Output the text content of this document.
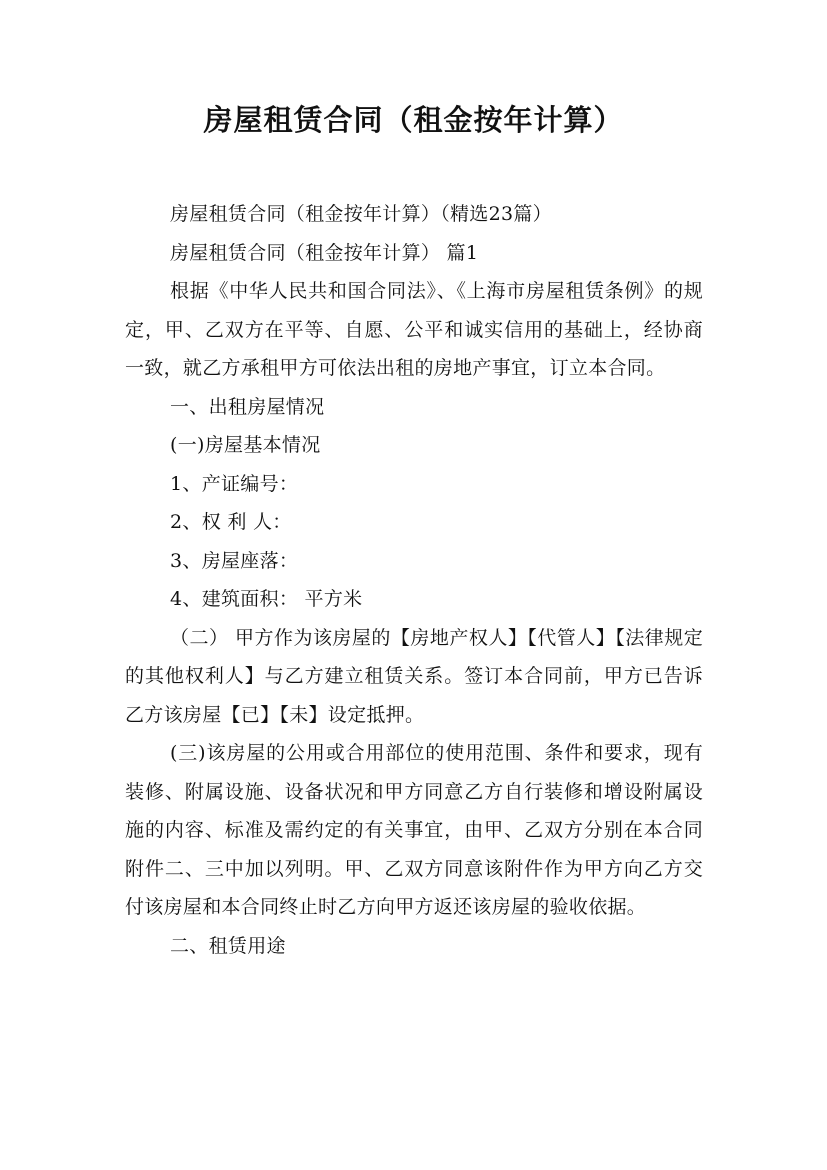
房屋租赁合同（租金按年计算）

房屋租赁合同（租金按年计算）（精选23篇）

房屋租赁合同（租金按年计算） 篇1

根据《中华人民共和国合同法》、《上海市房屋租赁条例》的规定，甲、乙双方在平等、自愿、公平和诚实信用的基础上，经协商一致，就乙方承租甲方可依法出租的房地产事宜，订立本合同。

一、出租房屋情况

(一)房屋基本情况

1、产证编号：

2、权 利 人：

3、房屋座落：

4、建筑面积： 平方米

（二） 甲方作为该房屋的【房地产权人】【代管人】【法律规定的其他权利人】与乙方建立租赁关系。签订本合同前，甲方已告诉乙方该房屋【已】【未】设定抵押。

(三)该房屋的公用或合用部位的使用范围、条件和要求，现有装修、附属设施、设备状况和甲方同意乙方自行装修和增设附属设施的内容、标准及需约定的有关事宜，由甲、乙双方分别在本合同附件二、三中加以列明。甲、乙双方同意该附件作为甲方向乙方交付该房屋和本合同终止时乙方向甲方返还该房屋的验收依据。

二、租赁用途
